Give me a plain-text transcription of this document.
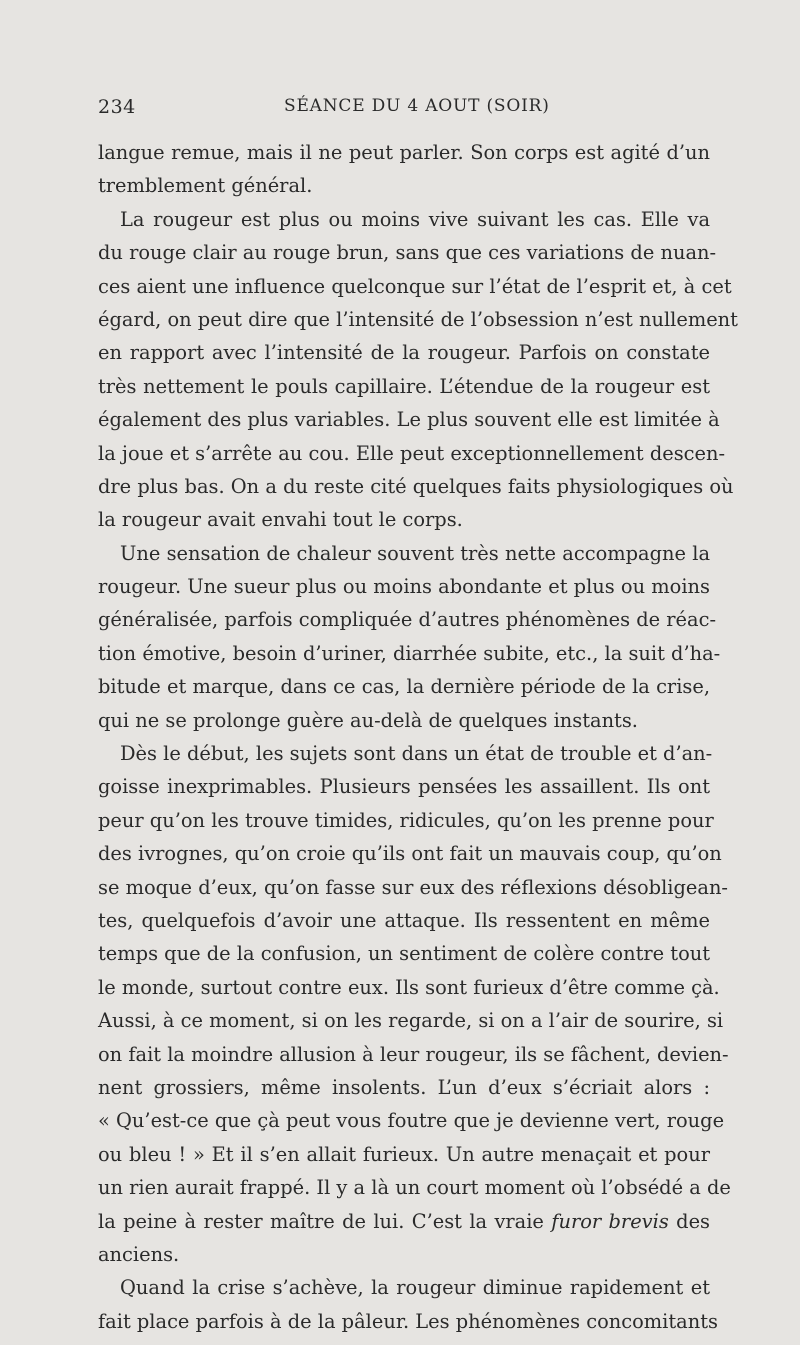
234	SÉANCE DU 4 AOUT (SOIR)
langue remue, mais il ne peut parler. Son corps est agité d’un
tremblement général.
La rougeur est plus ou moins vive suivant les cas. Elle va
du rouge clair au rouge brun, sans que ces variations de nuan-
ces aient une influence quelconque sur l’état de l’esprit et, à cet
égard, on peut dire que l’intensité de l’obsession n’est nullement
en rapport avec l’intensité de la rougeur. Parfois on constate
très nettement le pouls capillaire. L’étendue de la rougeur est
également des plus variables. Le plus souvent elle est limitée à
la joue et s’arrête au cou. Elle peut exceptionnellement descen-
dre plus bas. On a du reste cité quelques faits physiologiques où
la rougeur avait envahi tout le corps.
Une sensation de chaleur souvent très nette accompagne la
rougeur. Une sueur plus ou moins abondante et plus ou moins
généralisée, parfois compliquée d’autres phénomènes de réac-
tion émotive, besoin d’uriner, diarrhée subite, etc., la suit d’ha-
bitude et marque, dans ce cas, la dernière période de la crise,
qui ne se prolonge guère au-delà de quelques instants.
Dès le début, les sujets sont dans un état de trouble et d’an-
goisse inexprimables. Plusieurs pensées les assaillent. Ils ont
peur qu’on les trouve timides, ridicules, qu’on les prenne pour
des ivrognes, qu’on croie qu’ils ont fait un mauvais coup, qu’on
se moque d’eux, qu’on fasse sur eux des réflexions désobligean-
tes, quelquefois d’avoir une attaque. Ils ressentent en même
temps que de la confusion, un sentiment de colère contre tout
le monde, surtout contre eux. Ils sont furieux d’être comme çà.
Aussi, à ce moment, si on les regarde, si on a l’air de sourire, si
on fait la moindre allusion à leur rougeur, ils se fâchent, devien-
nent grossiers, même insolents. L’un d’eux s’écriait alors :
« Qu’est-ce que çà peut vous foutre que je devienne vert, rouge
ou bleu ! » Et il s’en allait furieux. Un autre menaçait et pour
un rien aurait frappé. Il y a là un court moment où l’obsédé a de
la peine à rester maître de lui. C’est la vraie furor brevis des
anciens.
Quand la crise s’achève, la rougeur diminue rapidement et
fait place parfois à de la pâleur. Les phénomènes concomitants
